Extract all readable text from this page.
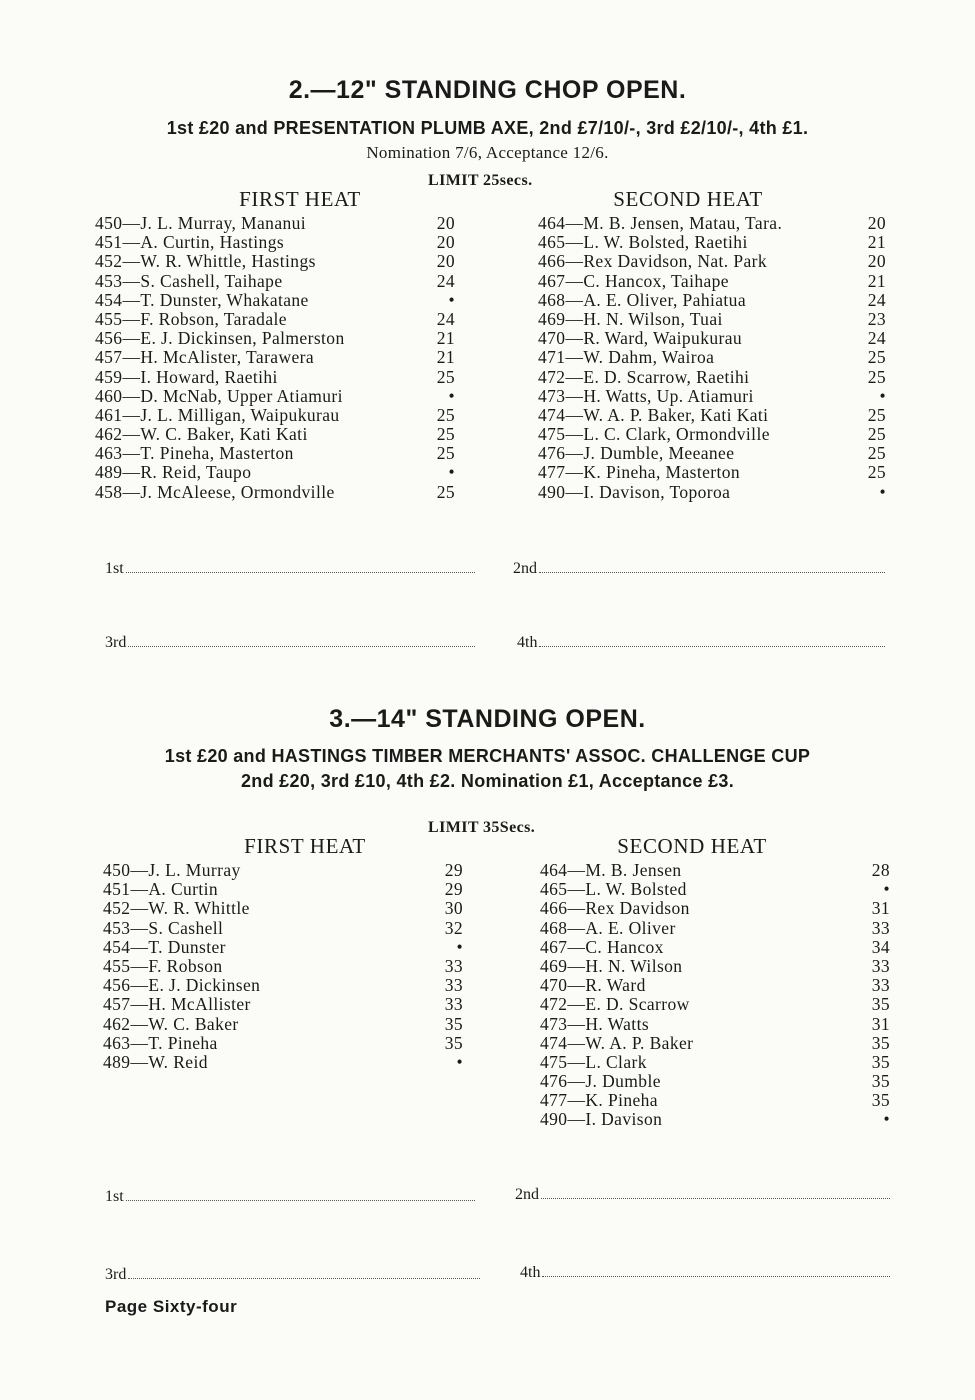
2.—12" STANDING CHOP OPEN.
1st £20 and PRESENTATION PLUMB AXE, 2nd £7/10/-, 3rd £2/10/-, 4th £1.
Nomination 7/6, Acceptance 12/6.
LIMIT 25secs.
FIRST HEAT	SECOND HEAT
450—J. L. Murray, Mananui	20
451—A. Curtin, Hastings	20
452—W. R. Whittle, Hastings	20
453—S. Cashell, Taihape	24
454—T. Dunster, Whakatane	•
455—F. Robson, Taradale	24
456—E. J. Dickinsen, Palmerston	21
457—H. McAlister, Tarawera	21
459—I. Howard, Raetihi	25
460—D. McNab, Upper Atiamuri	•
461—J. L. Milligan, Waipukurau	25
462—W. C. Baker, Kati Kati	25
463—T. Pineha, Masterton	25
489—R. Reid, Taupo	•
458—J. McAleese, Ormondville	25
464—M. B. Jensen, Matau, Tara.	20
465—L. W. Bolsted, Raetihi	21
466—Rex Davidson, Nat. Park	20
467—C. Hancox, Taihape	21
468—A. E. Oliver, Pahiatua	24
469—H. N. Wilson, Tuai	23
470—R. Ward, Waipukurau	24
471—W. Dahm, Wairoa	25
472—E. D. Scarrow, Raetihi	25
473—H. Watts, Up. Atiamuri	•
474—W. A. P. Baker, Kati Kati	25
475—L. C. Clark, Ormondville	25
476—J. Dumble, Meeanee	25
477—K. Pineha, Masterton	25
490—I. Davison, Toporoa	•
1st	2nd
3rd	4th
3.—14" STANDING OPEN.
1st £20 and HASTINGS TIMBER MERCHANTS' ASSOC. CHALLENGE CUP
2nd £20, 3rd £10, 4th £2. Nomination £1, Acceptance £3.
LIMIT 35Secs.
FIRST HEAT	SECOND HEAT
450—J. L. Murray	29
451—A. Curtin	29
452—W. R. Whittle	30
453—S. Cashell	32
454—T. Dunster	•
455—F. Robson	33
456—E. J. Dickinsen	33
457—H. McAllister	33
462—W. C. Baker	35
463—T. Pineha	35
489—W. Reid	•
464—M. B. Jensen	28
465—L. W. Bolsted	•
466—Rex Davidson	31
468—A. E. Oliver	33
467—C. Hancox	34
469—H. N. Wilson	33
470—R. Ward	33
472—E. D. Scarrow	35
473—H. Watts	31
474—W. A. P. Baker	35
475—L. Clark	35
476—J. Dumble	35
477—K. Pineha	35
490—I. Davison	•
1st	2nd
3rd	4th
Page Sixty-four
